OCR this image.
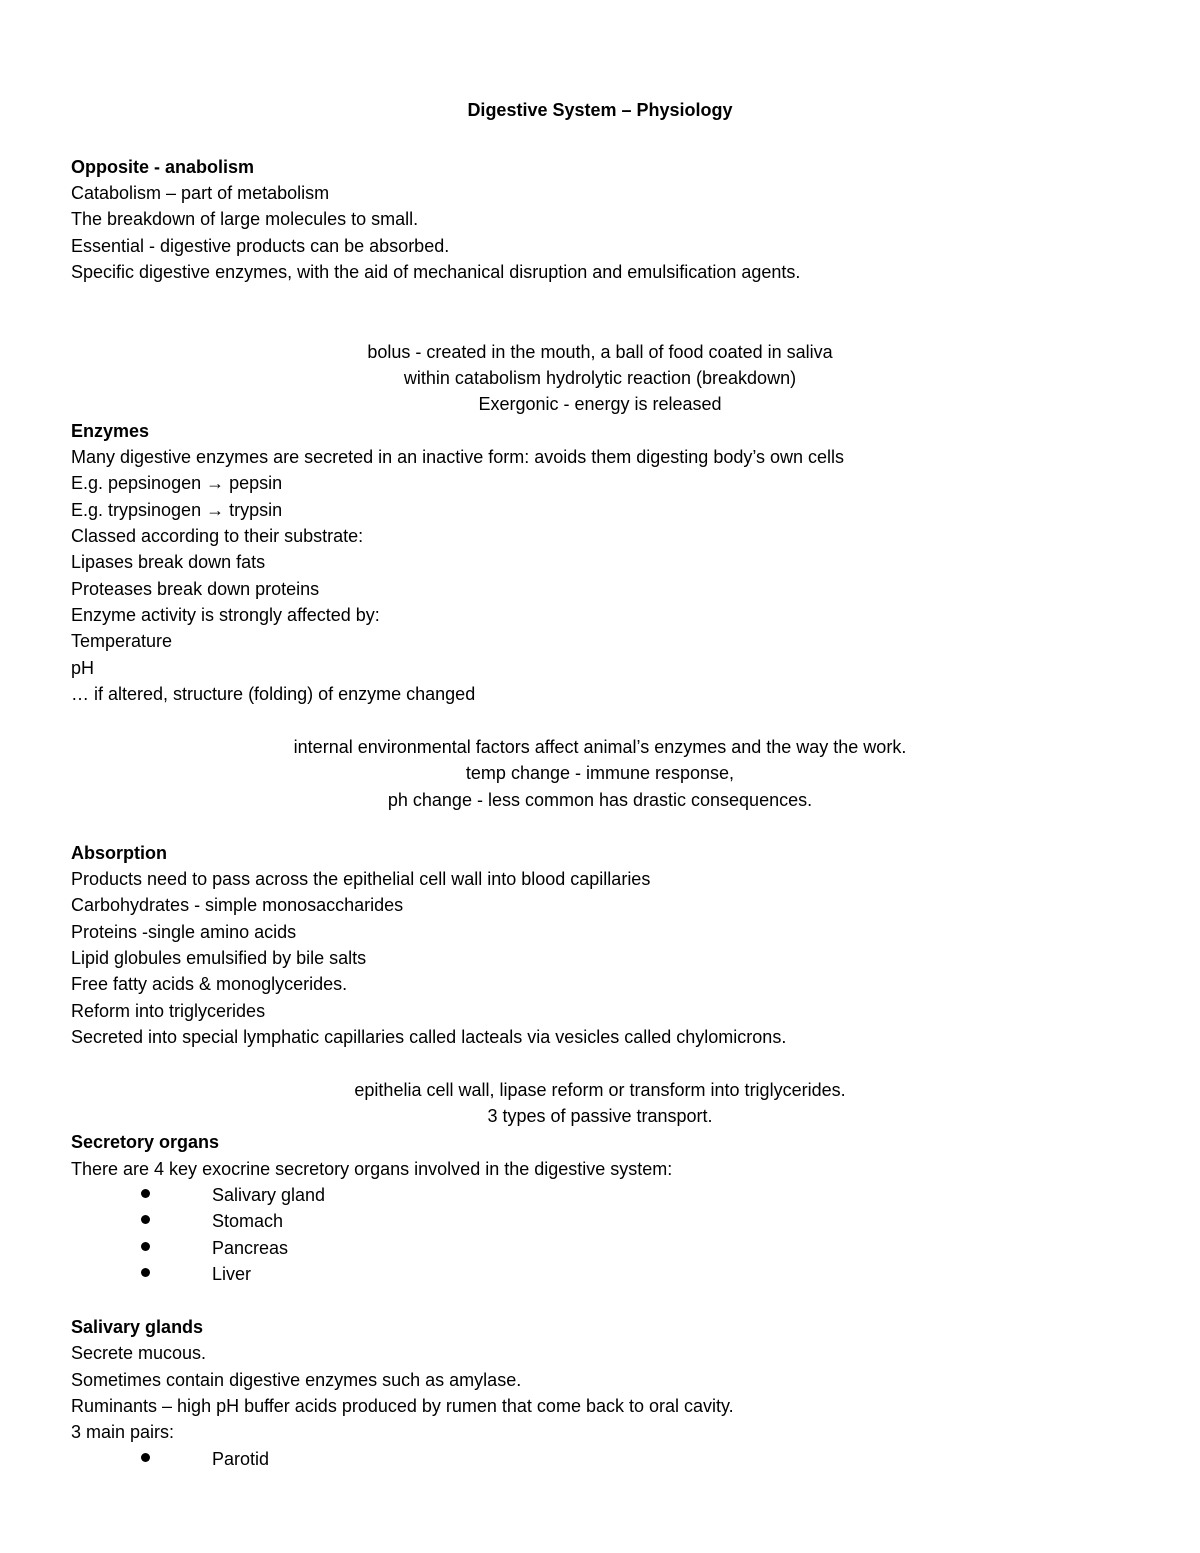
Digestive System – Physiology
Opposite - anabolism
Catabolism – part of metabolism
The breakdown of large molecules to small.
Essential - digestive products can be absorbed.
Specific digestive enzymes, with the aid of mechanical disruption and emulsification agents.
bolus - created in the mouth, a ball of food coated in saliva
within catabolism hydrolytic reaction (breakdown)
Exergonic - energy is released
Enzymes
Many digestive enzymes are secreted in an inactive form: avoids them digesting body’s own cells
E.g. pepsinogen → pepsin
E.g. trypsinogen → trypsin
Classed according to their substrate:
Lipases break down fats
Proteases break down proteins
Enzyme activity is strongly affected by:
Temperature
pH
… if altered, structure (folding) of enzyme changed
internal environmental factors affect animal’s enzymes and the way the work.
temp change - immune response,
ph change - less common has drastic consequences.
Absorption
Products need to pass across the epithelial cell wall into blood capillaries
Carbohydrates - simple monosaccharides
Proteins -single amino acids
Lipid globules emulsified by bile salts
Free fatty acids & monoglycerides.
Reform into triglycerides
Secreted into special lymphatic capillaries called lacteals via vesicles called chylomicrons.
epithelia cell wall, lipase reform or transform into triglycerides.
3 types of passive transport.
Secretory organs
There are 4 key exocrine secretory organs involved in the digestive system:
Salivary gland
Stomach
Pancreas
Liver
Salivary glands
Secrete mucous.
Sometimes contain digestive enzymes such as amylase.
Ruminants – high pH buffer acids produced by rumen that come back to oral cavity.
3 main pairs:
Parotid
